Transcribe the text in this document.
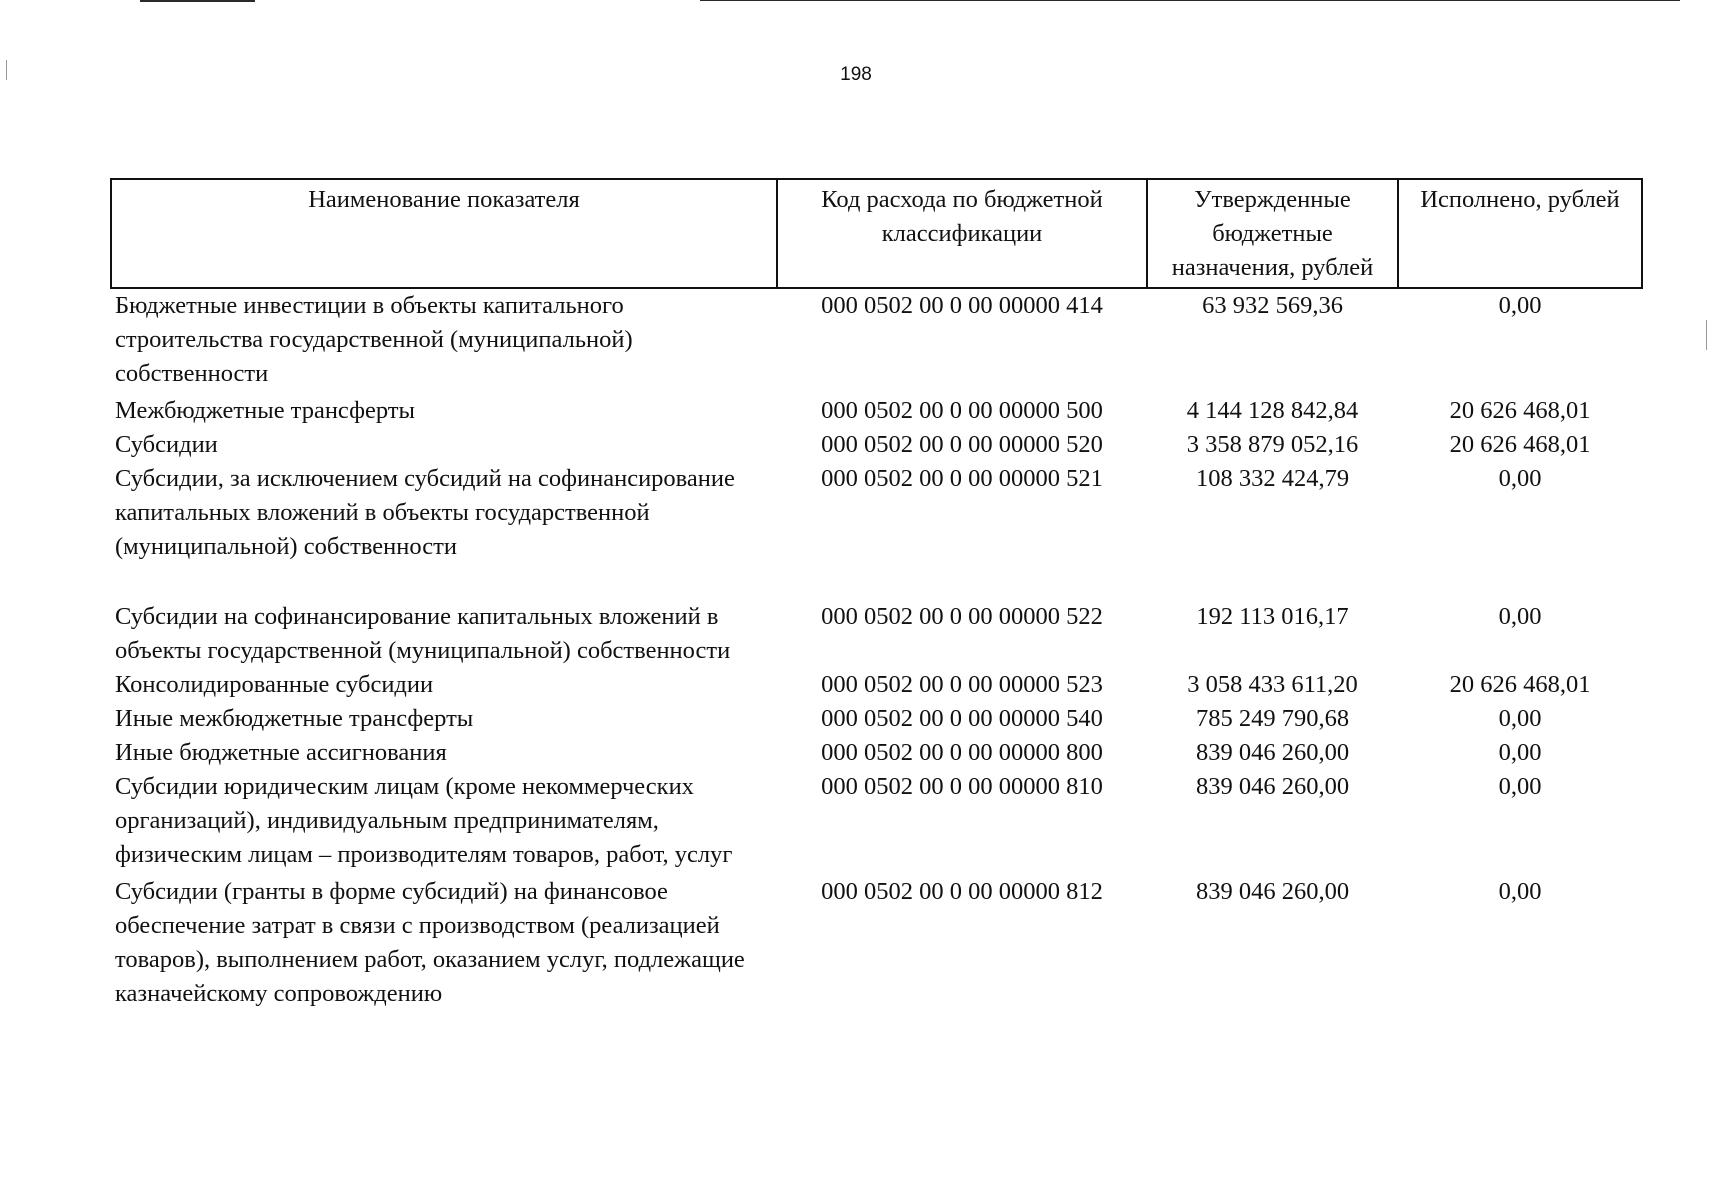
198
Наименование показателя	Код расхода по бюджетной классификации	Утвержденные бюджетные назначения, рублей	Исполнено, рублей
Бюджетные инвестиции в объекты капитального строительства государственной (муниципальной) собственности	000 0502 00 0 00 00000 414	63 932 569,36	0,00
Межбюджетные трансферты	000 0502 00 0 00 00000 500	4 144 128 842,84	20 626 468,01
Субсидии	000 0502 00 0 00 00000 520	3 358 879 052,16	20 626 468,01
Субсидии, за исключением субсидий на софинансирование капитальных вложений в объекты государственной (муниципальной) собственности	000 0502 00 0 00 00000 521	108 332 424,79	0,00
Субсидии на софинансирование капитальных вложений в объекты государственной (муниципальной) собственности	000 0502 00 0 00 00000 522	192 113 016,17	0,00
Консолидированные субсидии	000 0502 00 0 00 00000 523	3 058 433 611,20	20 626 468,01
Иные межбюджетные трансферты	000 0502 00 0 00 00000 540	785 249 790,68	0,00
Иные бюджетные ассигнования	000 0502 00 0 00 00000 800	839 046 260,00	0,00
Субсидии юридическим лицам (кроме некоммерческих организаций), индивидуальным предпринимателям, физическим лицам – производителям товаров, работ, услуг	000 0502 00 0 00 00000 810	839 046 260,00	0,00
Субсидии (гранты в форме субсидий) на финансовое обеспечение затрат в связи с производством (реализацией товаров), выполнением работ, оказанием услуг, подлежащие казначейскому сопровождению	000 0502 00 0 00 00000 812	839 046 260,00	0,00
